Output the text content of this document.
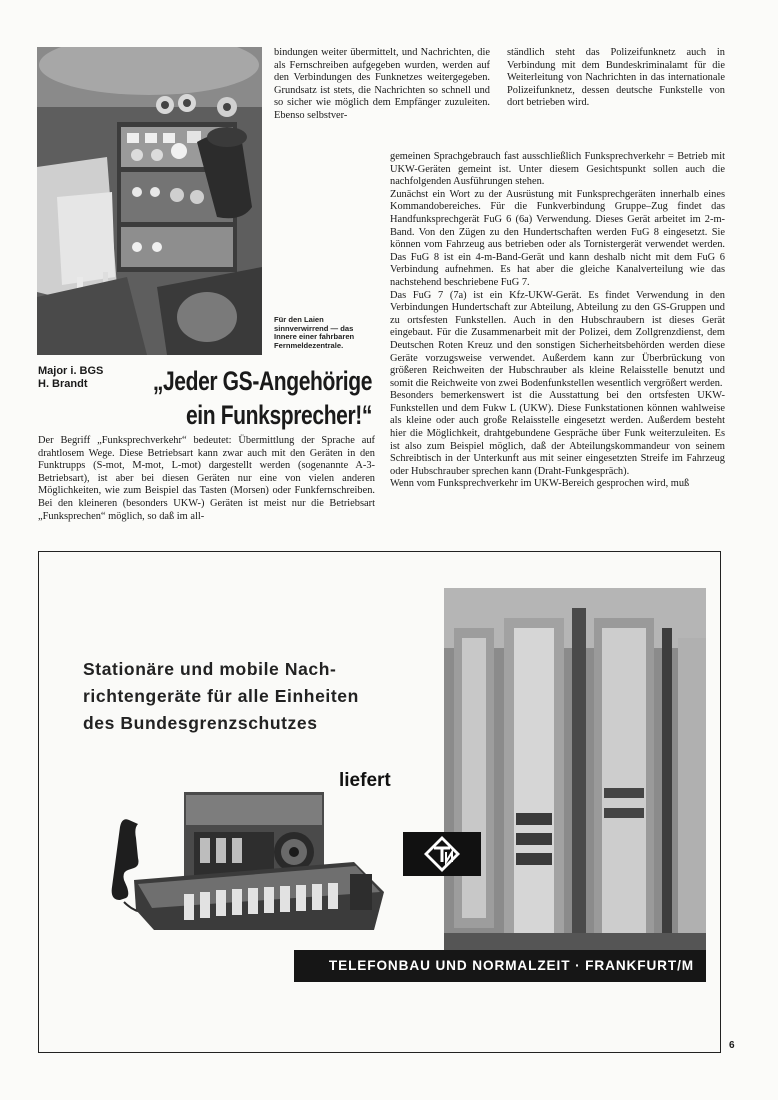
bindungen weiter übermittelt, und Nachrichten, die als Fernschreiben aufgegeben wurden, werden auf den Verbindungen des Funknetzes weitergegeben. Grundsatz ist stets, die Nachrichten so schnell und so sicher wie möglich dem Empfänger zuzuleiten. Ebenso selbstver-

ständlich steht das Polizeifunknetz auch in Verbindung mit dem Bundeskriminalamt für die Weiterleitung von Nachrichten in das internationale Polizeifunknetz, dessen deutsche Funkstelle von dort betrieben wird.

Für den Laien sinnverwirrend — das Innere einer fahrbaren Fernmeldezentrale.
Major i. BGS
H. Brandt	„Jeder GS-Angehörige
ein Funksprecher!“

Der Begriff „Funksprechverkehr“ bedeutet: Übermittlung der Sprache auf drahtlosem Wege. Diese Betriebsart kann zwar auch mit den Geräten in den Funktrupps (S-mot, M-mot, L-mot) dargestellt werden (sogenannte A-3-Betriebsart), ist aber bei diesen Geräten nur eine von vielen anderen Möglichkeiten, wie zum Beispiel das Tasten (Morsen) oder Funkfernschreiben. Bei den kleineren (besonders UKW-) Geräten ist meist nur die Betriebsart „Funksprechen“ möglich, so daß im all-

gemeinen Sprachgebrauch fast ausschließlich Funksprechverkehr = Betrieb mit UKW-Geräten gemeint ist. Unter diesem Gesichtspunkt sollen auch die nachfolgenden Ausführungen stehen.

Zunächst ein Wort zu der Ausrüstung mit Funksprechgeräten innerhalb eines Kommandobereiches. Für die Funkverbindung Gruppe–Zug findet das Handfunksprechgerät FuG 6 (6a) Verwendung. Dieses Gerät arbeitet im 2-m-Band. Von den Zügen zu den Hundertschaften werden FuG 8 eingesetzt. Sie können vom Fahrzeug aus betrieben oder als Tornistergerät verwendet werden. Das FuG 8 ist ein 4-m-Band-Gerät und kann deshalb nicht mit dem FuG 6 Verbindung aufnehmen. Es hat aber die gleiche Kanalverteilung wie das nachstehend beschriebene FuG 7.

Das FuG 7 (7a) ist ein Kfz-UKW-Gerät. Es findet Verwendung in den Verbindungen Hundertschaft zur Abteilung, Abteilung zu den GS-Gruppen und zu ortsfesten Funkstellen. Auch in den Hubschraubern ist dieses Gerät eingebaut. Für die Zusammenarbeit mit der Polizei, dem Zollgrenzdienst, dem Deutschen Roten Kreuz und den sonstigen Sicherheitsbehörden werden diese Geräte vorzugsweise verwendet. Außerdem kann zur Überbrückung von größeren Reichweiten der Hubschrauber als kleine Relaisstelle benutzt und somit die Reichweite von zwei Bodenfunkstellen wesentlich vergrößert werden.

Besonders bemerkenswert ist die Ausstattung bei den ortsfesten UKW-Funkstellen und dem Fukw L (UKW). Diese Funkstationen können wahlweise als kleine oder auch große Relaisstelle eingesetzt werden. Außerdem besteht hier die Möglichkeit, drahtgebundene Gespräche über Funk weiterzuleiten. Es ist also zum Beispiel möglich, daß der Abteilungskommandeur von seinem Schreibtisch in der Unterkunft aus mit seiner eingesetzten Streife im Fahrzeug oder Hubschrauber sprechen kann (Draht-Funkgespräch).

Wenn vom Funksprechverkehr im UKW-Bereich gesprochen wird, muß

Stationäre und mobile Nach-
richtengeräte für alle Einheiten
des Bundesgrenzschutzes
liefert
TELEFONBAU UND NORMALZEIT · FRANKFURT/M
6
